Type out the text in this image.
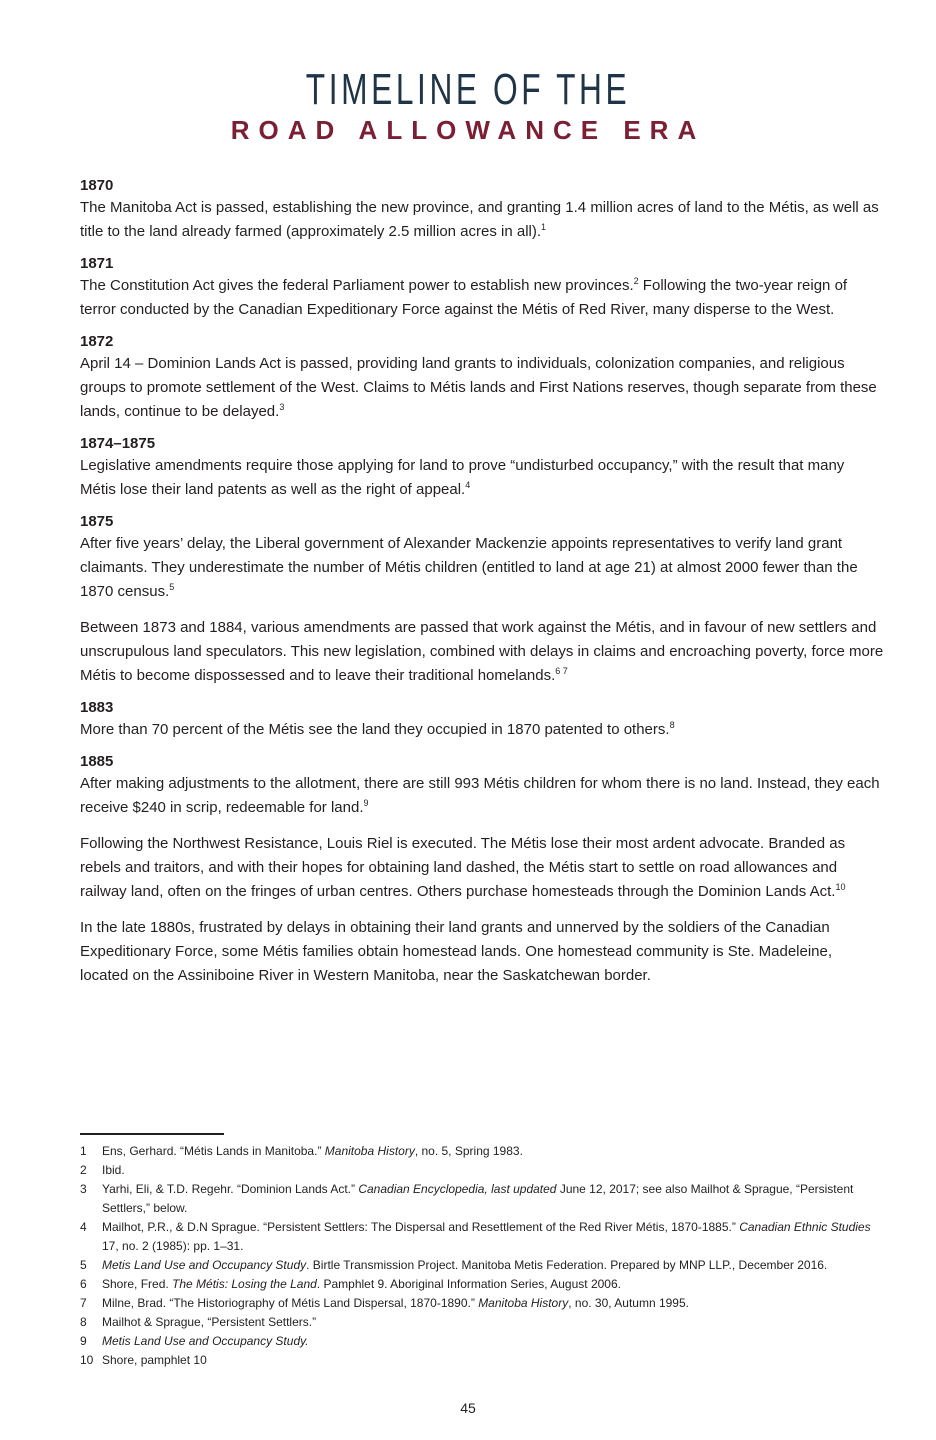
TIMELINE OF THE
ROAD ALLOWANCE ERA
1870

The Manitoba Act is passed, establishing the new province, and granting 1.4 million acres of land to the Métis, as well as title to the land already farmed (approximately 2.5 million acres in all).$^1$

1871

The Constitution Act gives the federal Parliament power to establish new provinces.$^2$ Following the two-year reign of terror conducted by the Canadian Expeditionary Force against the Métis of Red River, many disperse to the West.

1872

April 14 – Dominion Lands Act is passed, providing land grants to individuals, colonization companies, and religious groups to promote settlement of the West. Claims to Métis lands and First Nations reserves, though separate from these lands, continue to be delayed.$^3$

1874–1875

Legislative amendments require those applying for land to prove “undisturbed occupancy,” with the result that many Métis lose their land patents as well as the right of appeal.$^4$

1875

After five years’ delay, the Liberal government of Alexander Mackenzie appoints representatives to verify land grant claimants. They underestimate the number of Métis children (entitled to land at age 21) at almost 2000 fewer than the 1870 census.$^5$

Between 1873 and 1884, various amendments are passed that work against the Métis, and in favour of new settlers and unscrupulous land speculators. This new legislation, combined with delays in claims and encroaching poverty, force more Métis to become dispossessed and to leave their traditional homelands.$^{6 7}$

1883

More than 70 percent of the Métis see the land they occupied in 1870 patented to others.$^8$

1885

After making adjustments to the allotment, there are still 993 Métis children for whom there is no land. Instead, they each receive $240 in scrip, redeemable for land.$^9$

Following the Northwest Resistance, Louis Riel is executed. The Métis lose their most ardent advocate. Branded as rebels and traitors, and with their hopes for obtaining land dashed, the Métis start to settle on road allowances and railway land, often on the fringes of urban centres. Others purchase homesteads through the Dominion Lands Act.$^{10}$

In the late 1880s, frustrated by delays in obtaining their land grants and unnerved by the soldiers of the Canadian Expeditionary Force, some Métis families obtain homestead lands. One homestead community is Ste. Madeleine, located on the Assiniboine River in Western Manitoba, near the Saskatchewan border.

1	Ens, Gerhard. “Métis Lands in Manitoba.” Manitoba History, no. 5, Spring 1983.
2	Ibid.
3	Yarhi, Eli, & T.D. Regehr. “Dominion Lands Act.” Canadian Encyclopedia, last updated June 12, 2017; see also Mailhot & Sprague, “Persistent Settlers,” below.
4	Mailhot, P.R., & D.N Sprague. “Persistent Settlers: The Dispersal and Resettlement of the Red River Métis, 1870-1885.” Canadian Ethnic Studies 17, no. 2 (1985): pp. 1–31.
5	Metis Land Use and Occupancy Study. Birtle Transmission Project. Manitoba Metis Federation. Prepared by MNP LLP., December 2016.
6	Shore, Fred. The Métis: Losing the Land. Pamphlet 9. Aboriginal Information Series, August 2006.
7	Milne, Brad. “The Historiography of Métis Land Dispersal, 1870-1890.” Manitoba History, no. 30, Autumn 1995.
8	Mailhot & Sprague, “Persistent Settlers.”
9	Metis Land Use and Occupancy Study.
10 Shore, pamphlet 10
45
